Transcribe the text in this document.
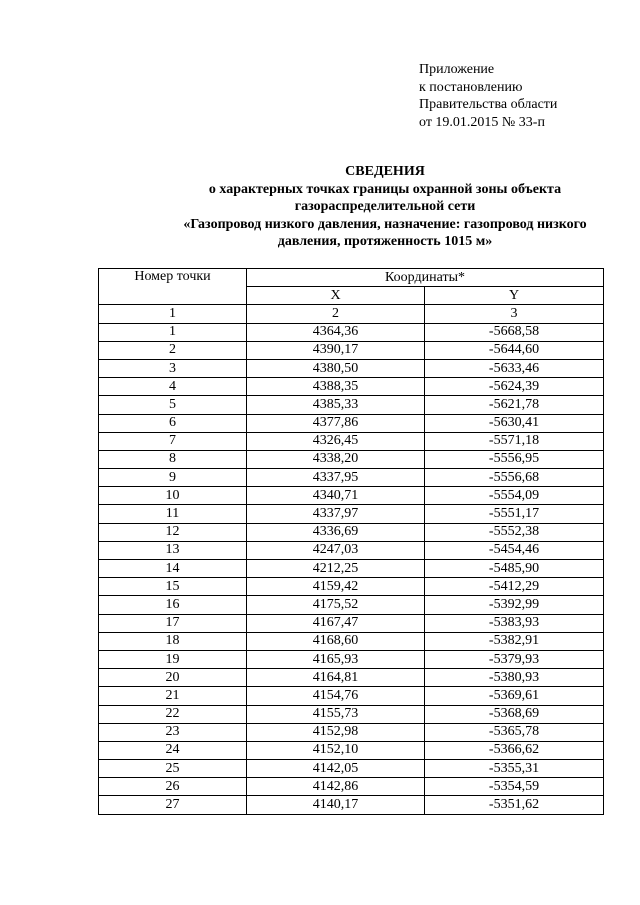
Приложение
к постановлению
Правительства области
от 19.01.2015 № 33-п
СВЕДЕНИЯ
о характерных точках границы охранной зоны объекта
газораспределительной сети
«Газопровод низкого давления, назначение: газопровод низкого
давления, протяженность 1015 м»
Номер точки	Координаты*	
	X	Y
1	2	3
1	4364,36	-5668,58
2	4390,17	-5644,60
3	4380,50	-5633,46
4	4388,35	-5624,39
5	4385,33	-5621,78
6	4377,86	-5630,41
7	4326,45	-5571,18
8	4338,20	-5556,95
9	4337,95	-5556,68
10	4340,71	-5554,09
11	4337,97	-5551,17
12	4336,69	-5552,38
13	4247,03	-5454,46
14	4212,25	-5485,90
15	4159,42	-5412,29
16	4175,52	-5392,99
17	4167,47	-5383,93
18	4168,60	-5382,91
19	4165,93	-5379,93
20	4164,81	-5380,93
21	4154,76	-5369,61
22	4155,73	-5368,69
23	4152,98	-5365,78
24	4152,10	-5366,62
25	4142,05	-5355,31
26	4142,86	-5354,59
27	4140,17	-5351,62
